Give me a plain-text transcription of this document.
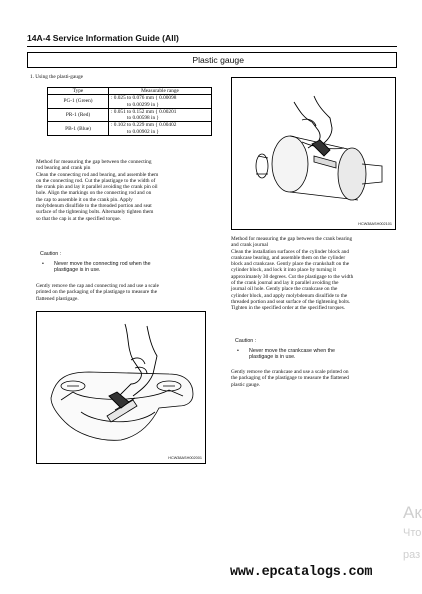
14A-4 Service Information Guide (All)
Plastic gauge
1. Using the plasti-gauge
Type	Measurable range
PG-1 (Green)	: 0.025 to 0.076 mm { 0.00098
to 0.00299 in }

PR-1 (Red)	: 0.051 to 0.152 mm { 0.00201
to 0.00598 in }

PB-1 (Blue)	: 0.102 to 0.229 mm { 0.00402
to 0.00902 in }
Method for measuring the gap between the connecting
rod bearing and crank pin
Clean the connecting rod and bearing, and assemble them
on the connecting rod. Cut the plastigage to the width of
the crank pin and lay it parallel avoiding the crank pin oil
hole. Align the markings on the connecting rod and on
the cap to assemble it on the crank pin. Apply
molybdenum disulfide to the threaded portion and seat
surface of the tightening bolts. Alternately tighten them
so that the cap is at the specified torque.
Caution :
• Never move the connecting rod when the
plastigage is in use.
Gently remove the cap and connecting rod and use a scale
printed on the packaging of the plastigage to measure the
flattened plastigage.
HCW38ASH002001
HCW38ASH002101
Method for measuring the gap between the crank bearing
and crank journal
Clean the installation surfaces of the cylinder block and
crankcase bearing, and assemble them on the cylinder
block and crankcase. Gently place the crankshaft on the
cylinder block, and lock it into place by turning it
approximately 30 degrees. Cut the plastigage to the width
of the crank journal and lay it parallel avoiding the
journal oil hole. Gently place the crankcase on the
cylinder block, and apply molybdenum disulfide to the
threaded portion and seat surface of the tightening bolts.
Tighten in the specified order at the specified torques.
Caution :
• Never move the crankcase when the
plastigage is in use.
Gently remove the crankcase and use a scale printed on
the packaging of the plastigage to measure the flattened
plastic gauge.
Ак
Что
раз
www.epcatalogs.com
